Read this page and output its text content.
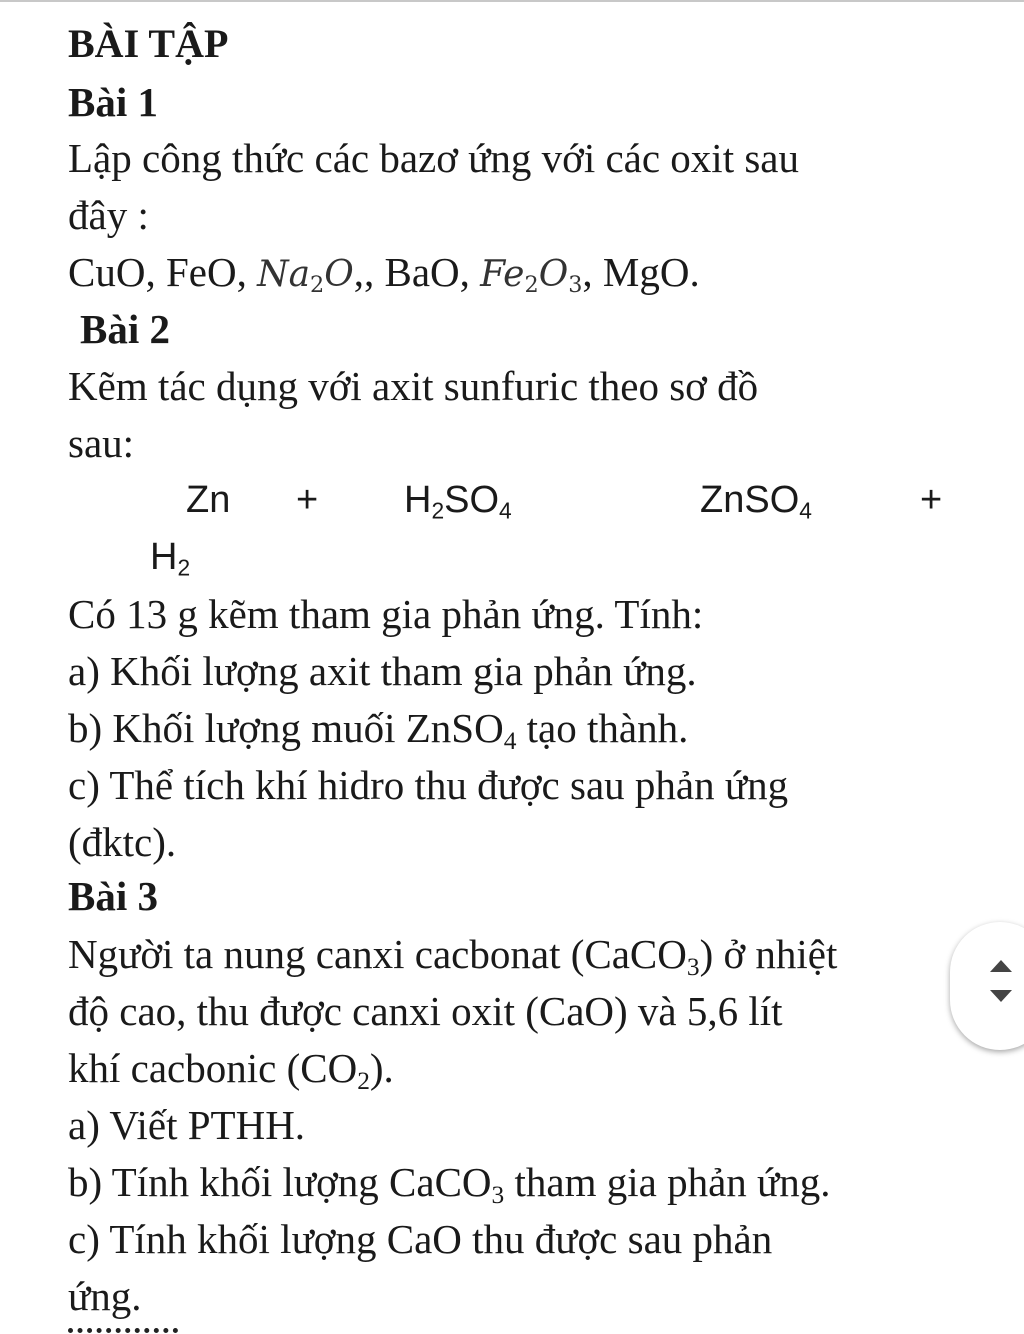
BÀI TẬP
Bài 1
Lập công thức các bazơ ứng với các oxit sau
đây :
CuO, FeO, $Na_2O$,, BaO, $Fe_2O_3$, MgO.
Bài 2
Kẽm tác dụng với axit sunfuric theo sơ đồ
sau:
$Zn + H_2SO_4$	ZnSO$_4$	+
$H_2$
Có 13 g kẽm tham gia phản ứng. Tính:
a) Khối lượng axit tham gia phản ứng.
b) Khối lượng muối ZnSO$_4$ tạo thành.
c) Thể tích khí hidro thu được sau phản ứng
(đktc).
Bài 3
Người ta nung canxi cacbonat (CaCO$_3$) ở nhiệt
độ cao, thu được canxi oxit (CaO) và 5,6 lít
khí cacbonic $(CO_2)$.
a) Viết PTHH.
b) Tính khối lượng CaCO$_3$ tham gia phản ứng.
c) Tính khối lượng CaO thu được sau phản
ứng.
